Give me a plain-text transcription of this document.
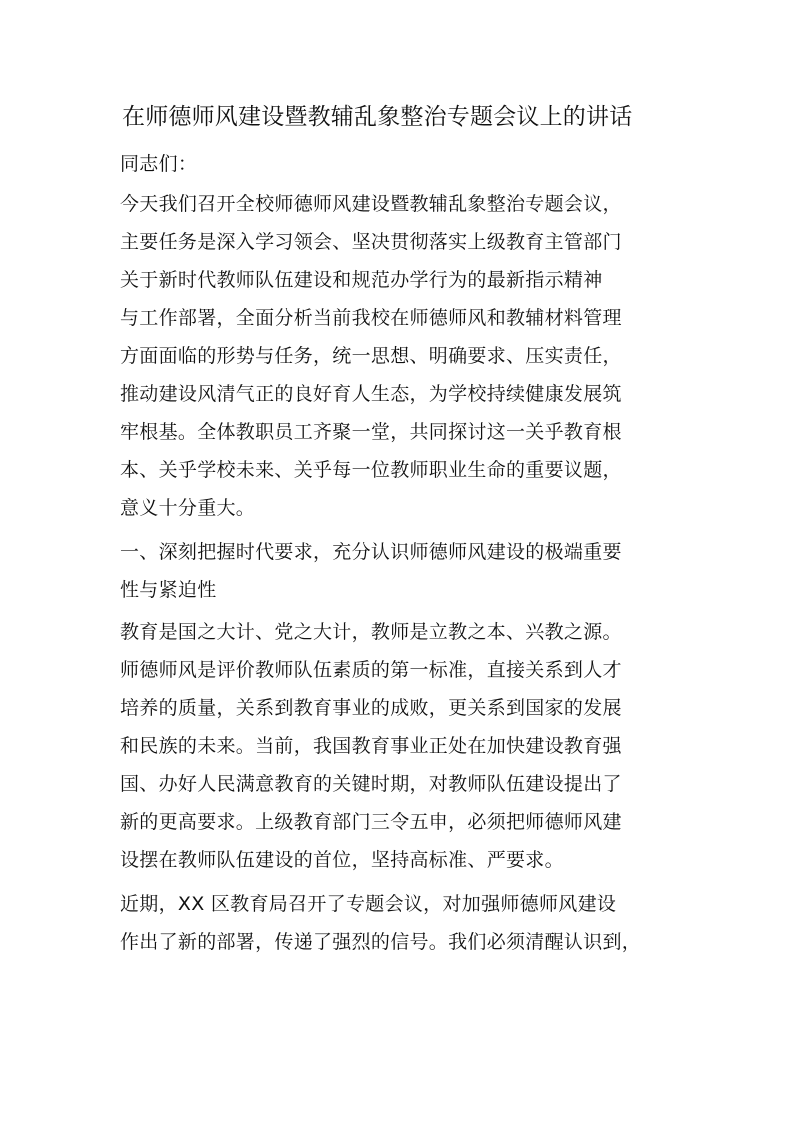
在师德师风建设暨教辅乱象整治专题会议上的讲话

同志们：

今天我们召开全校师德师风建设暨教辅乱象整治专题会议，

主要任务是深入学习领会、坚决贯彻落实上级教育主管部门

关于新时代教师队伍建设和规范办学行为的最新指示精神

与工作部署，全面分析当前我校在师德师风和教辅材料管理

方面面临的形势与任务，统一思想、明确要求、压实责任，

推动建设风清气正的良好育人生态，为学校持续健康发展筑

牢根基。全体教职员工齐聚一堂，共同探讨这一关乎教育根

本、关乎学校未来、关乎每一位教师职业生命的重要议题，

意义十分重大。

一、深刻把握时代要求，充分认识师德师风建设的极端重要

性与紧迫性

教育是国之大计、党之大计，教师是立教之本、兴教之源。

师德师风是评价教师队伍素质的第一标准，直接关系到人才

培养的质量，关系到教育事业的成败，更关系到国家的发展

和民族的未来。当前，我国教育事业正处在加快建设教育强

国、办好人民满意教育的关键时期，对教师队伍建设提出了

新的更高要求。上级教育部门三令五申，必须把师德师风建

设摆在教师队伍建设的首位，坚持高标准、严要求。

近期，XX 区教育局召开了专题会议，对加强师德师风建设

作出了新的部署，传递了强烈的信号。我们必须清醒认识到，
